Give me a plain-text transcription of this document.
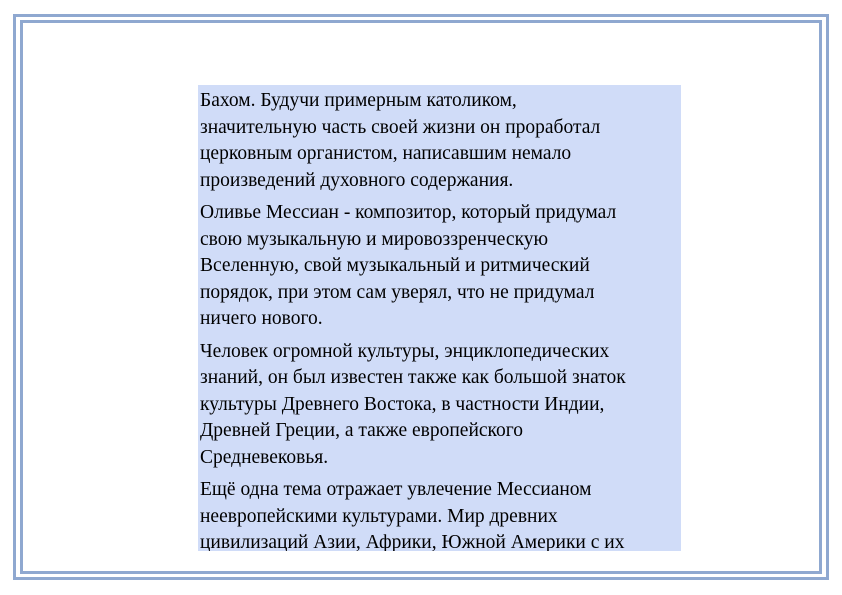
Бахом. Будучи примерным католиком,
значительную часть своей жизни он проработал
церковным органистом, написавшим немало
произведений духовного содержания.

Оливье Мессиан - композитор, который придумал
свою музыкальную и мировоззренческую
Вселенную, свой музыкальный и ритмический
порядок, при этом сам уверял, что не придумал
ничего нового.

Человек огромной культуры, энциклопедических
знаний, он был известен также как большой знаток
культуры Древнего Востока, в частности Индии,
Древней Греции, а также европейского
Средневековья.

Ещё одна тема отражает увлечение Мессианом
неевропейскими культурами. Мир древних
цивилизаций Азии, Африки, Южной Америки с их
